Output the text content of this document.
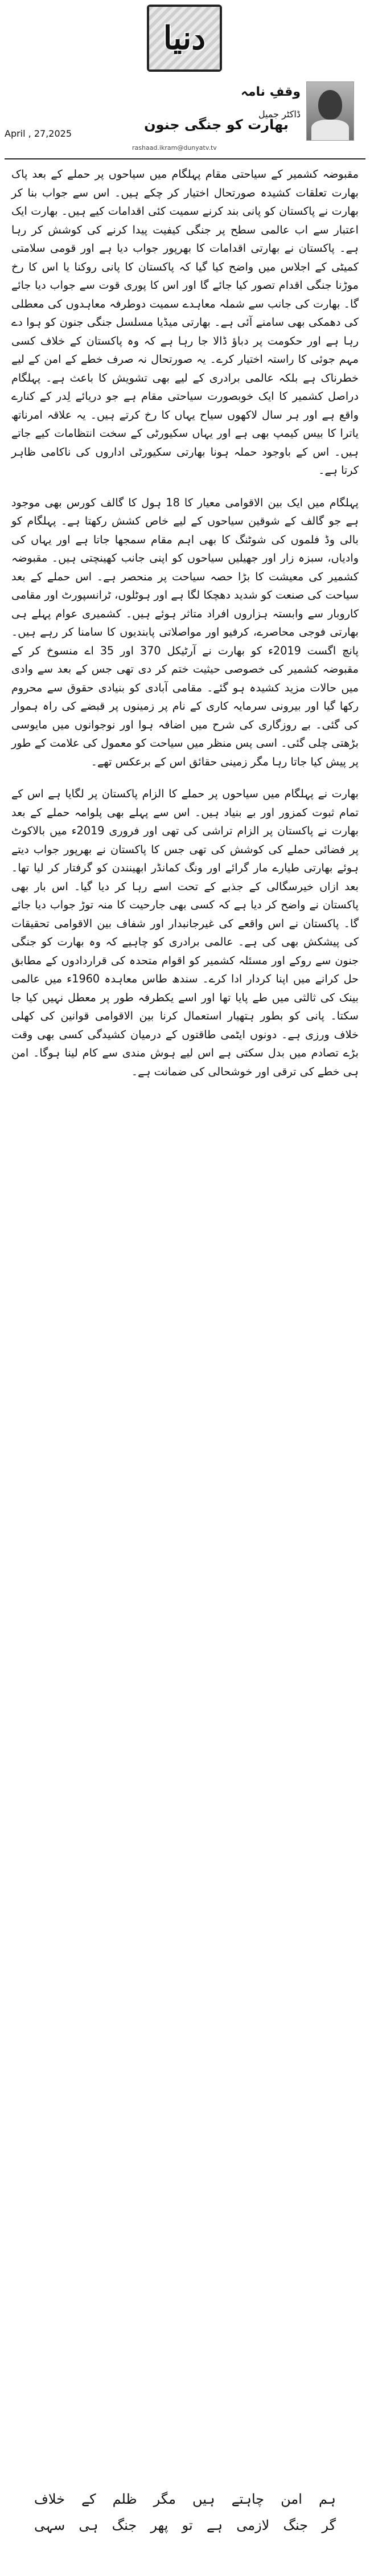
دنیا
وقفِ نامہ
ڈاکٹر جمیل
بھارت کو جنگی جنون
rashaad.ikram@dunyatv.tv
April , 27,2025

مقبوضہ کشمیر کے سیاحتی مقام پہلگام میں سیاحوں پر حملے کے بعد پاک بھارت تعلقات کشیدہ صورتحال اختیار کر چکے ہیں۔ اس سے جواب بنا کر بھارت نے پاکستان کو پانی بند کرنے سمیت کئی اقدامات کیے ہیں۔ بھارت ایک اعتبار سے اب عالمی سطح پر جنگی کیفیت پیدا کرنے کی کوشش کر رہا ہے۔ پاکستان نے بھارتی اقدامات کا بھرپور جواب دیا ہے اور قومی سلامتی کمیٹی کے اجلاس میں واضح کیا گیا کہ پاکستان کا پانی روکنا یا اس کا رخ موڑنا جنگی اقدام تصور کیا جائے گا اور اس کا پوری قوت سے جواب دیا جائے گا۔ بھارت کی جانب سے شملہ معاہدے سمیت دوطرفہ معاہدوں کی معطلی کی دھمکی بھی سامنے آئی ہے۔ بھارتی میڈیا مسلسل جنگی جنون کو ہوا دے رہا ہے اور حکومت پر دباؤ ڈالا جا رہا ہے کہ وہ پاکستان کے خلاف کسی مہم جوئی کا راستہ اختیار کرے۔ یہ صورتحال نہ صرف خطے کے امن کے لیے خطرناک ہے بلکہ عالمی برادری کے لیے بھی تشویش کا باعث ہے۔ پہلگام دراصل کشمیر کا ایک خوبصورت سیاحتی مقام ہے جو دریائے لِدر کے کنارے واقع ہے اور ہر سال لاکھوں سیاح یہاں کا رخ کرتے ہیں۔ یہ علاقہ امرناتھ یاترا کا بیس کیمپ بھی ہے اور یہاں سکیورٹی کے سخت انتظامات کیے جاتے ہیں۔ اس کے باوجود حملہ ہونا بھارتی سکیورٹی اداروں کی ناکامی ظاہر کرتا ہے۔

پہلگام میں ایک بین الاقوامی معیار کا 18 ہول کا گالف کورس بھی موجود ہے جو گالف کے شوقین سیاحوں کے لیے خاص کشش رکھتا ہے۔ پہلگام کو بالی وڈ فلموں کی شوٹنگ کا بھی اہم مقام سمجھا جاتا ہے اور یہاں کی وادیاں، سبزہ زار اور جھیلیں سیاحوں کو اپنی جانب کھینچتی ہیں۔ مقبوضہ کشمیر کی معیشت کا بڑا حصہ سیاحت پر منحصر ہے۔ اس حملے کے بعد سیاحت کی صنعت کو شدید دھچکا لگا ہے اور ہوٹلوں، ٹرانسپورٹ اور مقامی کاروبار سے وابستہ ہزاروں افراد متاثر ہوئے ہیں۔ کشمیری عوام پہلے ہی بھارتی فوجی محاصرے، کرفیو اور مواصلاتی پابندیوں کا سامنا کر رہے ہیں۔ پانچ اگست 2019ء کو بھارت نے آرٹیکل 370 اور 35 اے منسوخ کر کے مقبوضہ کشمیر کی خصوصی حیثیت ختم کر دی تھی جس کے بعد سے وادی میں حالات مزید کشیدہ ہو گئے۔ مقامی آبادی کو بنیادی حقوق سے محروم رکھا گیا اور بیرونی سرمایہ کاری کے نام پر زمینوں پر قبضے کی راہ ہموار کی گئی۔ بے روزگاری کی شرح میں اضافہ ہوا اور نوجوانوں میں مایوسی بڑھتی چلی گئی۔ اسی پس منظر میں سیاحت کو معمول کی علامت کے طور پر پیش کیا جاتا رہا مگر زمینی حقائق اس کے برعکس تھے۔

بھارت نے پہلگام میں سیاحوں پر حملے کا الزام پاکستان پر لگایا ہے اس کے تمام ثبوت کمزور اور بے بنیاد ہیں۔ اس سے پہلے بھی پلوامہ حملے کے بعد بھارت نے پاکستان پر الزام تراشی کی تھی اور فروری 2019ء میں بالاکوٹ پر فضائی حملے کی کوشش کی تھی جس کا پاکستان نے بھرپور جواب دیتے ہوئے بھارتی طیارے مار گرائے اور ونگ کمانڈر ابھینندن کو گرفتار کر لیا تھا۔ بعد ازاں خیرسگالی کے جذبے کے تحت اسے رہا کر دیا گیا۔ اس بار بھی پاکستان نے واضح کر دیا ہے کہ کسی بھی جارحیت کا منہ توڑ جواب دیا جائے گا۔ پاکستان نے اس واقعے کی غیرجانبدار اور شفاف بین الاقوامی تحقیقات کی پیشکش بھی کی ہے۔ عالمی برادری کو چاہیے کہ وہ بھارت کو جنگی جنون سے روکے اور مسئلہ کشمیر کو اقوام متحدہ کی قراردادوں کے مطابق حل کرانے میں اپنا کردار ادا کرے۔ سندھ طاس معاہدہ 1960ء میں عالمی بینک کی ثالثی میں طے پایا تھا اور اسے یکطرفہ طور پر معطل نہیں کیا جا سکتا۔ پانی کو بطور ہتھیار استعمال کرنا بین الاقوامی قوانین کی کھلی خلاف ورزی ہے۔ دونوں ایٹمی طاقتوں کے درمیان کشیدگی کسی بھی وقت بڑے تصادم میں بدل سکتی ہے اس لیے ہوش مندی سے کام لینا ہوگا۔ امن ہی خطے کی ترقی اور خوشحالی کی ضمانت ہے۔

ہم امن چاہتے ہیں مگر ظلم کے خلاف
گر جنگ لازمی ہے تو پھر جنگ ہی سہی
